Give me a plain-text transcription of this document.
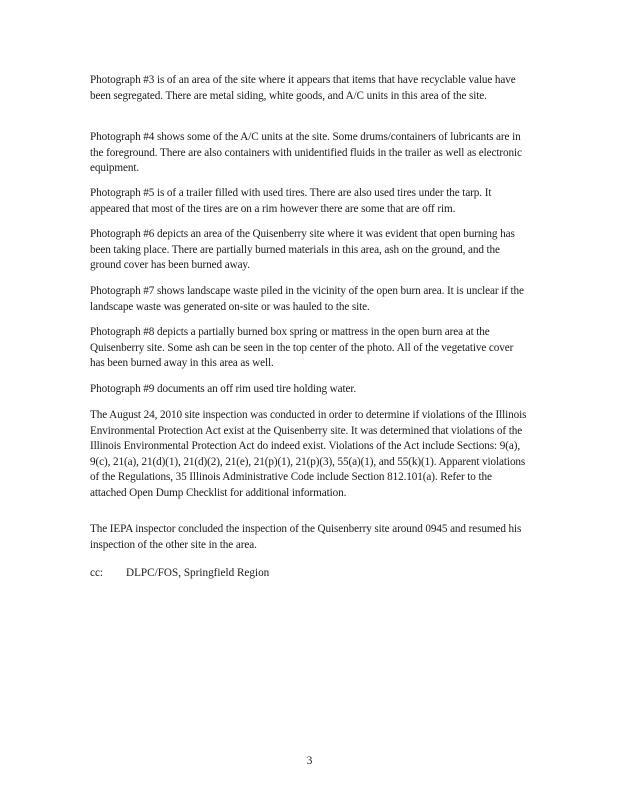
Photograph #3 is of an area of the site where it appears that items that have recyclable value have been segregated. There are metal siding, white goods, and A/C units in this area of the site.

Photograph #4 shows some of the A/C units at the site. Some drums/containers of lubricants are in the foreground. There are also containers with unidentified fluids in the trailer as well as electronic equipment.

Photograph #5 is of a trailer filled with used tires. There are also used tires under the tarp. It appeared that most of the tires are on a rim however there are some that are off rim.

Photograph #6 depicts an area of the Quisenberry site where it was evident that open burning has been taking place. There are partially burned materials in this area, ash on the ground, and the ground cover has been burned away.

Photograph #7 shows landscape waste piled in the vicinity of the open burn area. It is unclear if the landscape waste was generated on-site or was hauled to the site.

Photograph #8 depicts a partially burned box spring or mattress in the open burn area at the Quisenberry site. Some ash can be seen in the top center of the photo. All of the vegetative cover has been burned away in this area as well.

Photograph #9 documents an off rim used tire holding water.

The August 24, 2010 site inspection was conducted in order to determine if violations of the Illinois Environmental Protection Act exist at the Quisenberry site. It was determined that violations of the Illinois Environmental Protection Act do indeed exist. Violations of the Act include Sections: 9(a), 9(c), 21(a), 21(d)(1), 21(d)(2), 21(e), 21(p)(1), 21(p)(3), 55(a)(1), and 55(k)(1). Apparent violations of the Regulations, 35 Illinois Administrative Code include Section 812.101(a). Refer to the attached Open Dump Checklist for additional information.

The IEPA inspector concluded the inspection of the Quisenberry site around 0945 and resumed his inspection of the other site in the area.

cc: DLPC/FOS, Springfield Region
3
